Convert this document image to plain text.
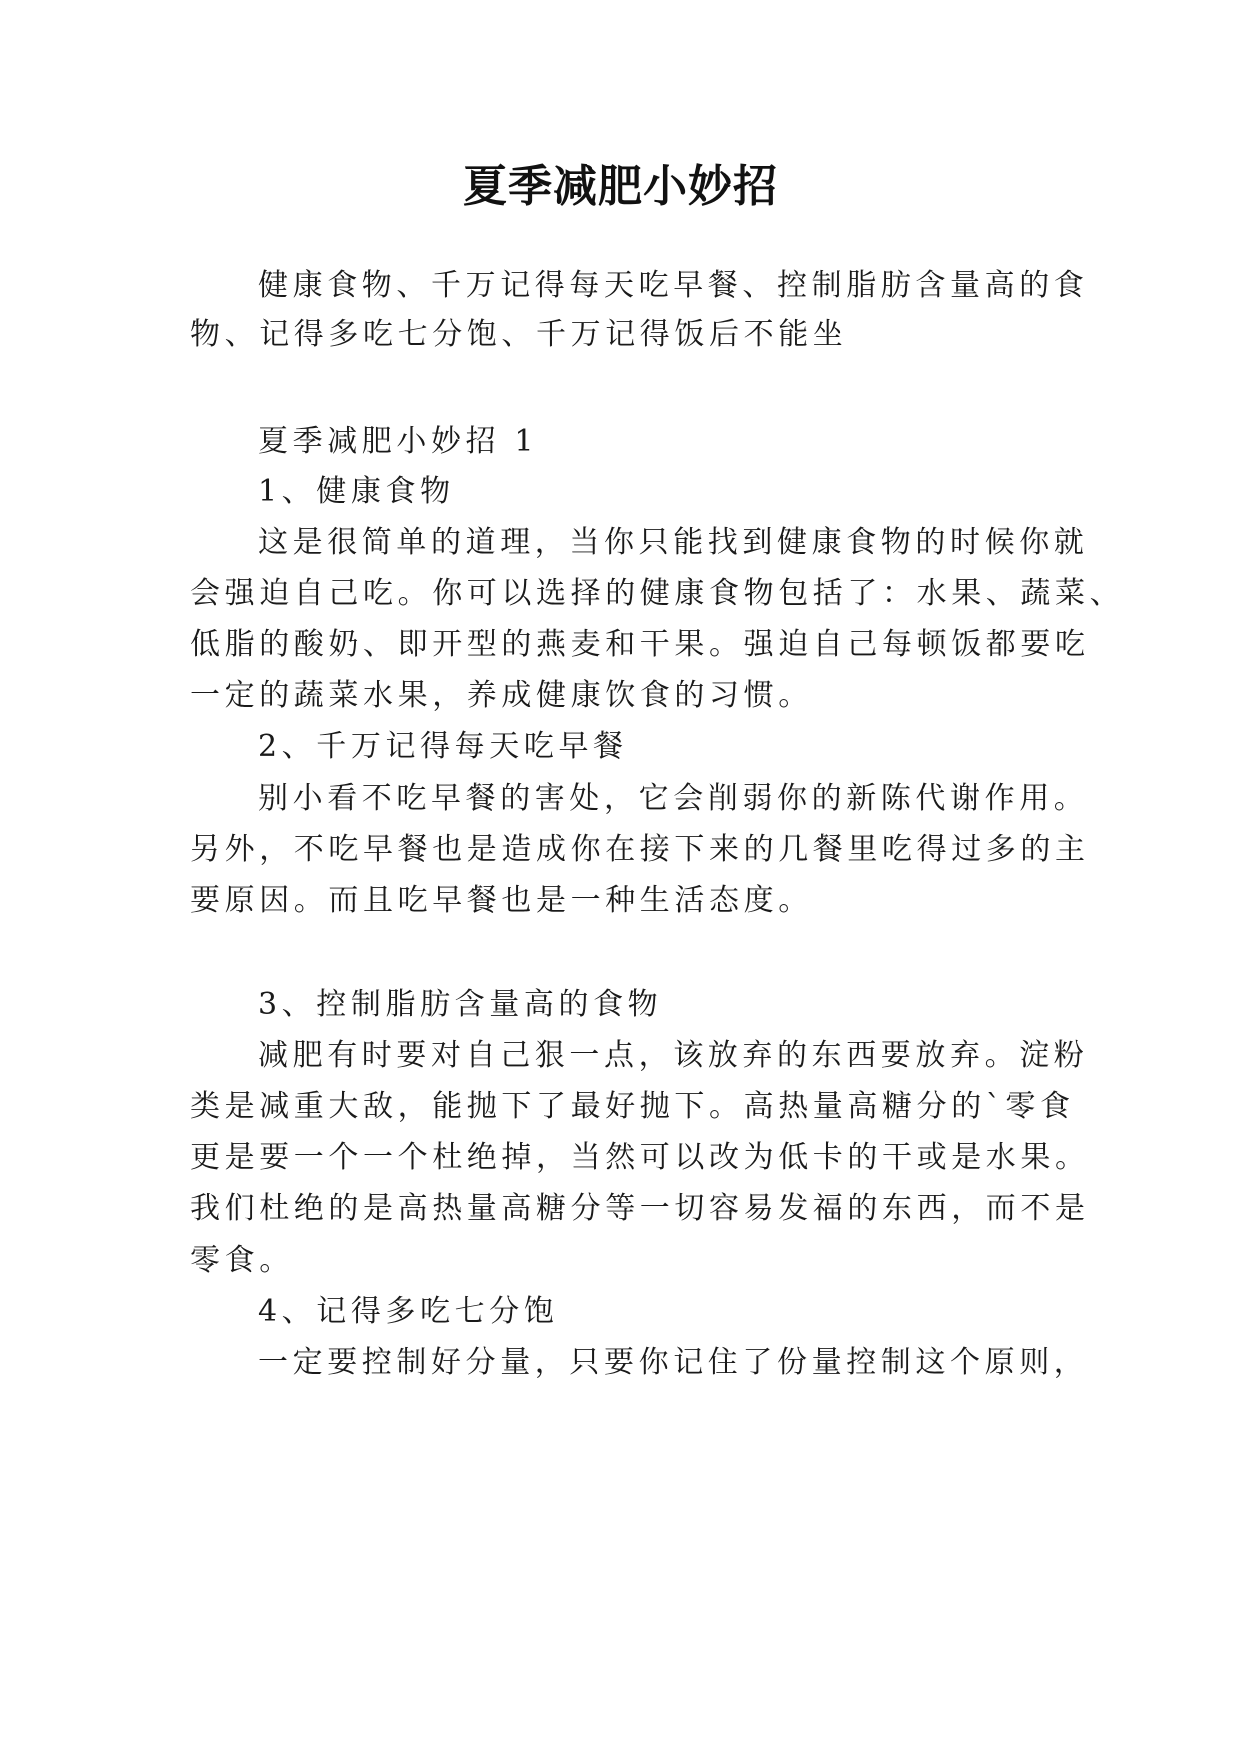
夏季减肥小妙招
健康食物、千万记得每天吃早餐、控制脂肪含量高的食
物、记得多吃七分饱、千万记得饭后不能坐
夏季减肥小妙招 1
1、健康食物
这是很简单的道理，当你只能找到健康食物的时候你就
会强迫自己吃。你可以选择的健康食物包括了：水果、蔬菜、
低脂的酸奶、即开型的燕麦和干果。强迫自己每顿饭都要吃
一定的蔬菜水果，养成健康饮食的习惯。
2、千万记得每天吃早餐
别小看不吃早餐的害处，它会削弱你的新陈代谢作用。
另外，不吃早餐也是造成你在接下来的几餐里吃得过多的主
要原因。而且吃早餐也是一种生活态度。
3、控制脂肪含量高的食物
减肥有时要对自己狠一点，该放弃的东西要放弃。淀粉
类是减重大敌，能抛下了最好抛下。高热量高糖分的`零食
更是要一个一个杜绝掉，当然可以改为低卡的干或是水果。
我们杜绝的是高热量高糖分等一切容易发福的东西，而不是
零食。
4、记得多吃七分饱
一定要控制好分量，只要你记住了份量控制这个原则，
